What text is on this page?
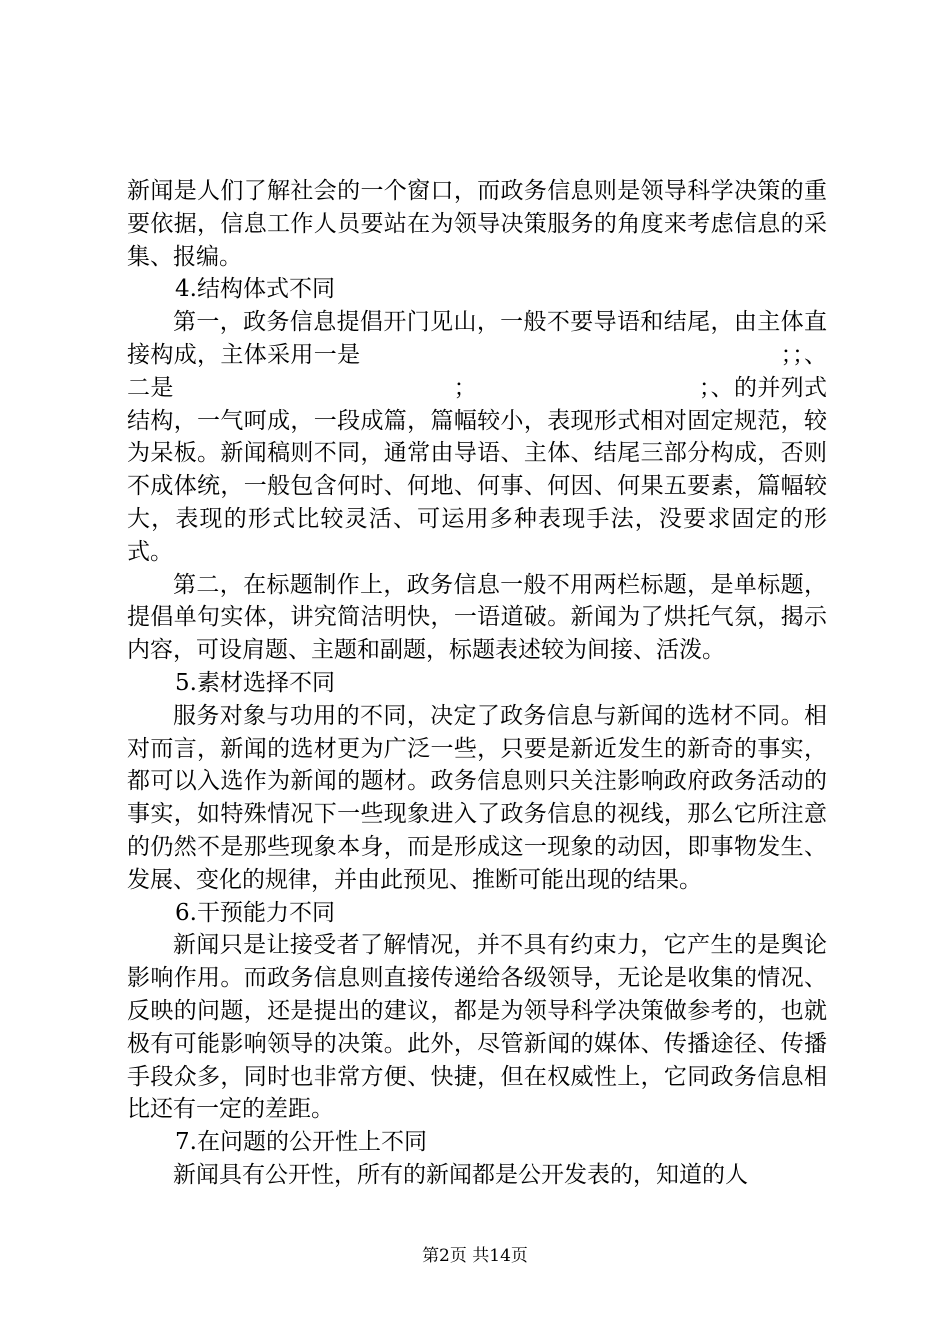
新闻是人们了解社会的一个窗口，而政务信息则是领导科学决策的重要依据，信息工作人员要站在为领导决策服务的角度来考虑信息的采集、报编。

4.结构体式不同

第一，政务信息提倡开门见山，一般不要导语和结尾，由主体直接构成，主体采用一是　　　　　　　　　　　　　　　　　　；；、二是　　　　　　　　　　　　；　　　　　　　　　　；、的并列式结构，一气呵成，一段成篇，篇幅较小，表现形式相对固定规范，较为呆板。新闻稿则不同，通常由导语、主体、结尾三部分构成，否则不成体统，一般包含何时、何地、何事、何因、何果五要素，篇幅较大，表现的形式比较灵活、可运用多种表现手法，没要求固定的形式。

第二，在标题制作上，政务信息一般不用两栏标题，是单标题，提倡单句实体，讲究简洁明快，一语道破。新闻为了烘托气氛，揭示内容，可设肩题、主题和副题，标题表述较为间接、活泼。

5.素材选择不同

服务对象与功用的不同，决定了政务信息与新闻的选材不同。相对而言，新闻的选材更为广泛一些，只要是新近发生的新奇的事实，都可以入选作为新闻的题材。政务信息则只关注影响政府政务活动的事实，如特殊情况下一些现象进入了政务信息的视线，那么它所注意的仍然不是那些现象本身，而是形成这一现象的动因，即事物发生、发展、变化的规律，并由此预见、推断可能出现的结果。

6.干预能力不同

新闻只是让接受者了解情况，并不具有约束力，它产生的是舆论影响作用。而政务信息则直接传递给各级领导，无论是收集的情况、反映的问题，还是提出的建议，都是为领导科学决策做参考的，也就极有可能影响领导的决策。此外，尽管新闻的媒体、传播途径、传播手段众多，同时也非常方便、快捷，但在权威性上，它同政务信息相比还有一定的差距。

7.在问题的公开性上不同

新闻具有公开性，所有的新闻都是公开发表的，知道的人

第2页 共14页
